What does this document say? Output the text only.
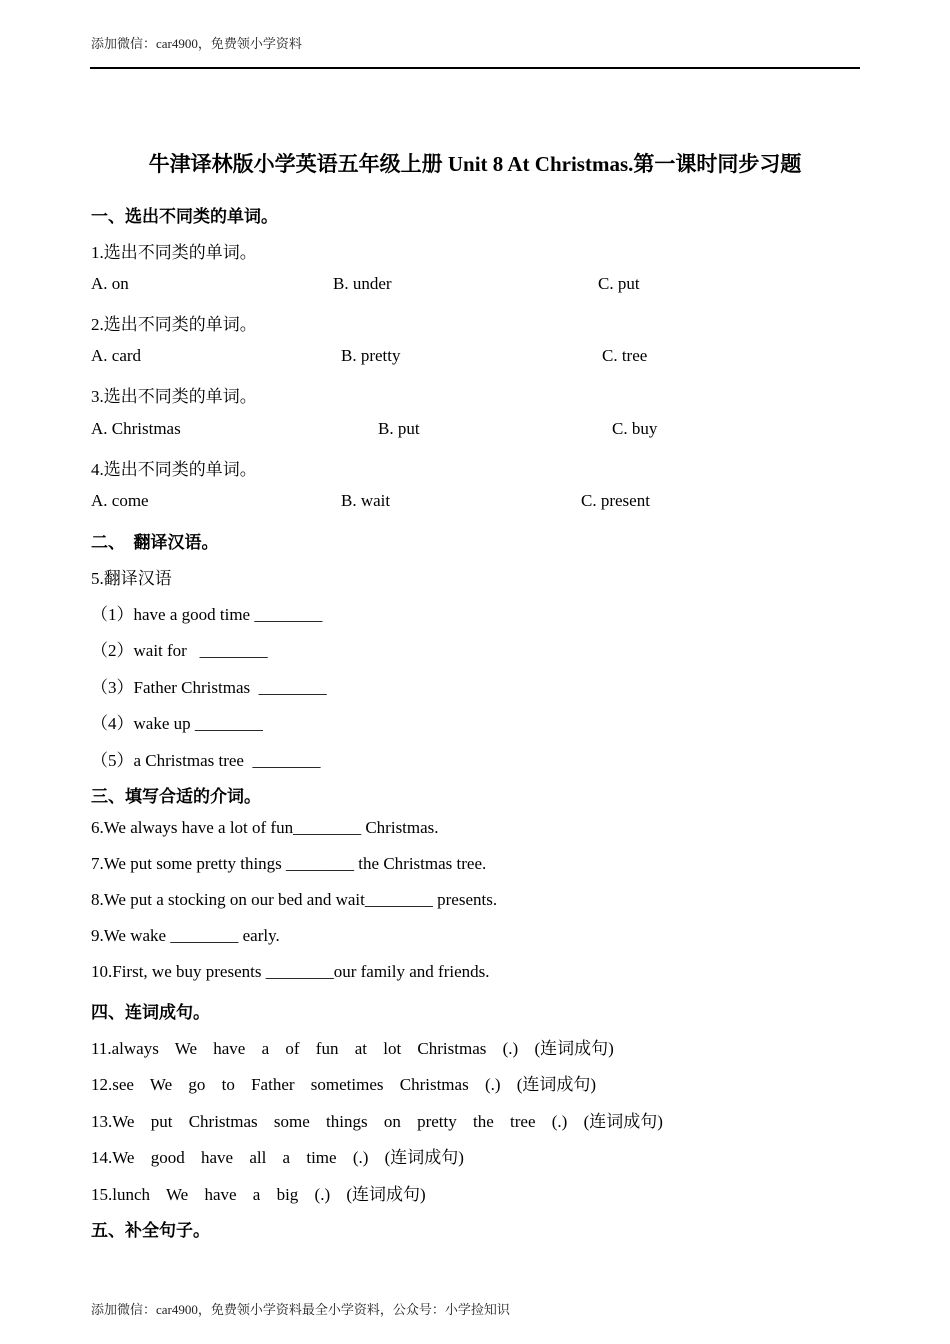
添加微信：car4900，免费领小学资料
牛津译林版小学英语五年级上册 Unit 8 At Christmas.第一课时同步习题
一、选出不同类的单词。
1.选出不同类的单词。
A. on	B. under	C. put
2.选出不同类的单词。
A. card	B. pretty	C. tree
3.选出不同类的单词。
A. Christmas	B. put	C. buy
4.选出不同类的单词。
A. come	B. wait	C. present
二、  翻译汉语。
5.翻译汉语
（1）have a good time ________
（2）wait for   ________
（3）Father Christmas  ________
（4）wake up ________
（5）a Christmas tree  ________
三、填写合适的介词。
6.We always have a lot of fun________ Christmas.
7.We put some pretty things ________ the Christmas tree.
8.We put a stocking on our bed and wait________ presents.
9.We wake ________ early.
10.First, we buy presents ________our family and friends.
四、连词成句。
11.always We have a of fun at lot Christmas (.) (连词成句)
12.see We go to Father sometimes Christmas (.) (连词成句)
13.We put Christmas some things on pretty the tree (.) (连词成句)
14.We good have all a time (.) (连词成句)
15.lunch We have a big (.) (连词成句)
五、补全句子。
添加微信：car4900，免费领小学资料最全小学资料，公众号：小学捡知识
